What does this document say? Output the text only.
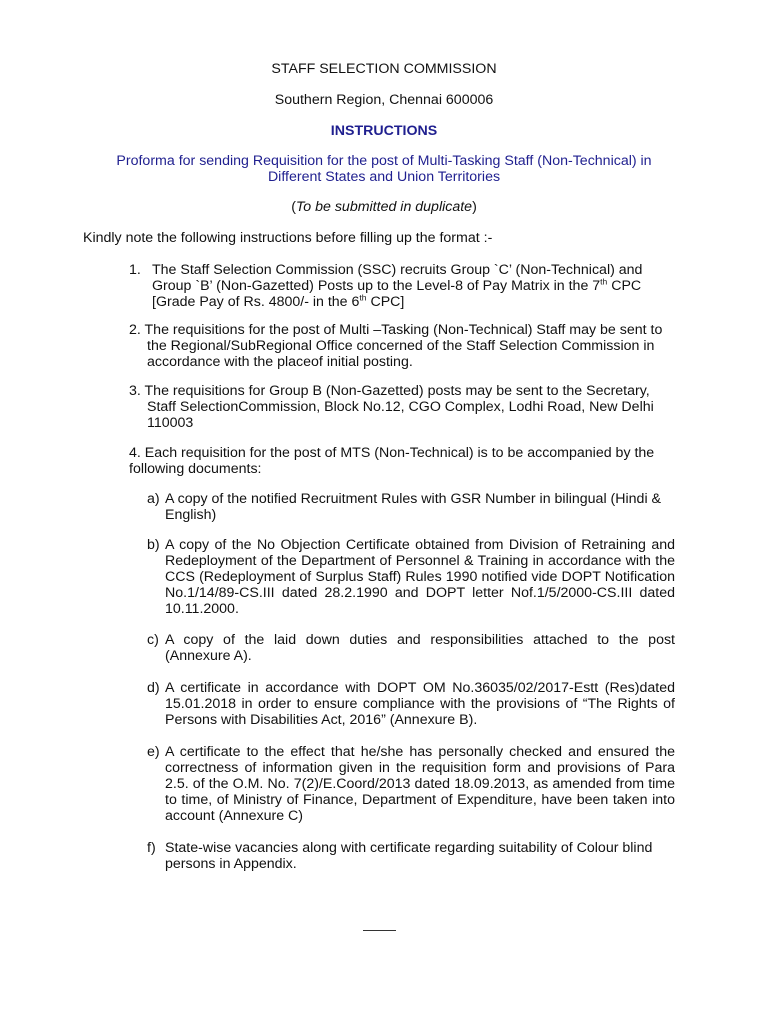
STAFF SELECTION COMMISSION
Southern Region, Chennai 600006
INSTRUCTIONS
Proforma for sending Requisition for the post of Multi-Tasking Staff (Non-Technical) in
Different States and Union Territories
(To be submitted in duplicate)
Kindly note the following instructions before filling up the format :-
1. The Staff Selection Commission (SSC) recruits Group `C’ (Non-Technical) and
Group `B’ (Non-Gazetted) Posts up to the Level-8 of Pay Matrix in the 7th CPC
[Grade Pay of Rs. 4800/- in the 6th CPC]
2. The requisitions for the post of Multi –Tasking (Non-Technical) Staff may be sent to
the Regional/SubRegional Office concerned of the Staff Selection Commission in
accordance with the placeof initial posting.
3. The requisitions for Group B (Non-Gazetted) posts may be sent to the Secretary,
Staff SelectionCommission, Block No.12, CGO Complex, Lodhi Road, New Delhi
110003
4. Each requisition for the post of MTS (Non-Technical) is to be accompanied by the
following documents:
a) A copy of the notified Recruitment Rules with GSR Number in bilingual (Hindi &
English)
b) A copy of the No Objection Certificate obtained from Division of Retraining and
Redeployment of the Department of Personnel & Training in accordance with the
CCS (Redeployment of Surplus Staff) Rules 1990 notified vide DOPT Notification
No.1/14/89-CS.III dated 28.2.1990 and DOPT letter Nof.1/5/2000-CS.III dated
10.11.2000.
c) A copy of the laid down duties and responsibilities attached to the post
(Annexure A).
d) A certificate in accordance with DOPT OM No.36035/02/2017-Estt (Res)dated
15.01.2018 in order to ensure compliance with the provisions of “The Rights of
Persons with Disabilities Act, 2016” (Annexure B).
e) A certificate to the effect that he/she has personally checked and ensured the
correctness of information given in the requisition form and provisions of Para
2.5. of the O.M. No. 7(2)/E.Coord/2013 dated 18.09.2013, as amended from time
to time, of Ministry of Finance, Department of Expenditure, have been taken into
account (Annexure C)
f) State-wise vacancies along with certificate regarding suitability of Colour blind
persons in Appendix.
